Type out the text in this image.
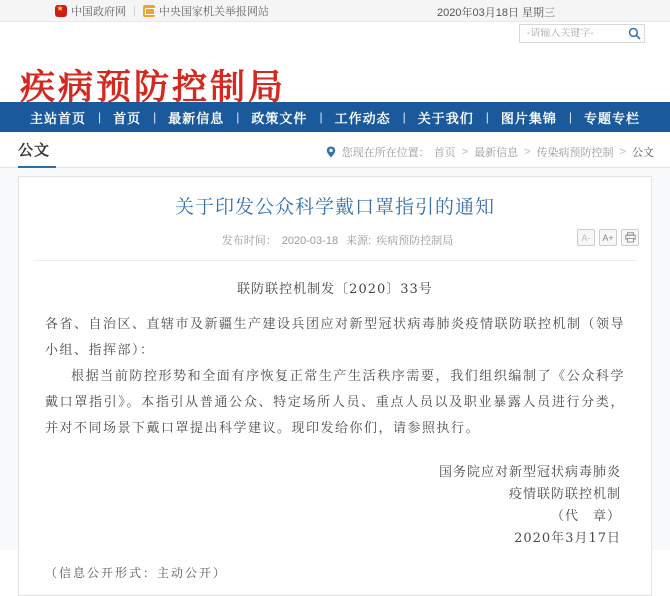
★
中国政府网 | 中央国家机关举报网站	2020年03月18日 星期三
疾病预防控制局
-请输入关键字-
主站首页 | 首页 | 最新信息 | 政策文件 | 工作动态 | 关于我们 | 图片集锦 | 专题专栏
公文	您现在所在位置： 首页 > 最新信息 > 传染病预防控制 > 公文
关于印发公众科学戴口罩指引的通知
发布时间： 2020-03-18 来源: 疾病预防控制局	A-	A+
联防联控机制发〔2020〕33号

各省、自治区、直辖市及新疆生产建设兵团应对新型冠状病毒肺炎疫情联防联控机制（领导小组、指挥部）：

根据当前防控形势和全面有序恢复正常生产生活秩序需要，我们组织编制了《公众科学戴口罩指引》。本指引从普通公众、特定场所人员、重点人员以及职业暴露人员进行分类，并对不同场景下戴口罩提出科学建议。现印发给你们，请参照执行。

国务院应对新型冠状病毒肺炎
疫情联防联控机制
（代　章）
2020年3月17日

（信息公开形式：主动公开）
